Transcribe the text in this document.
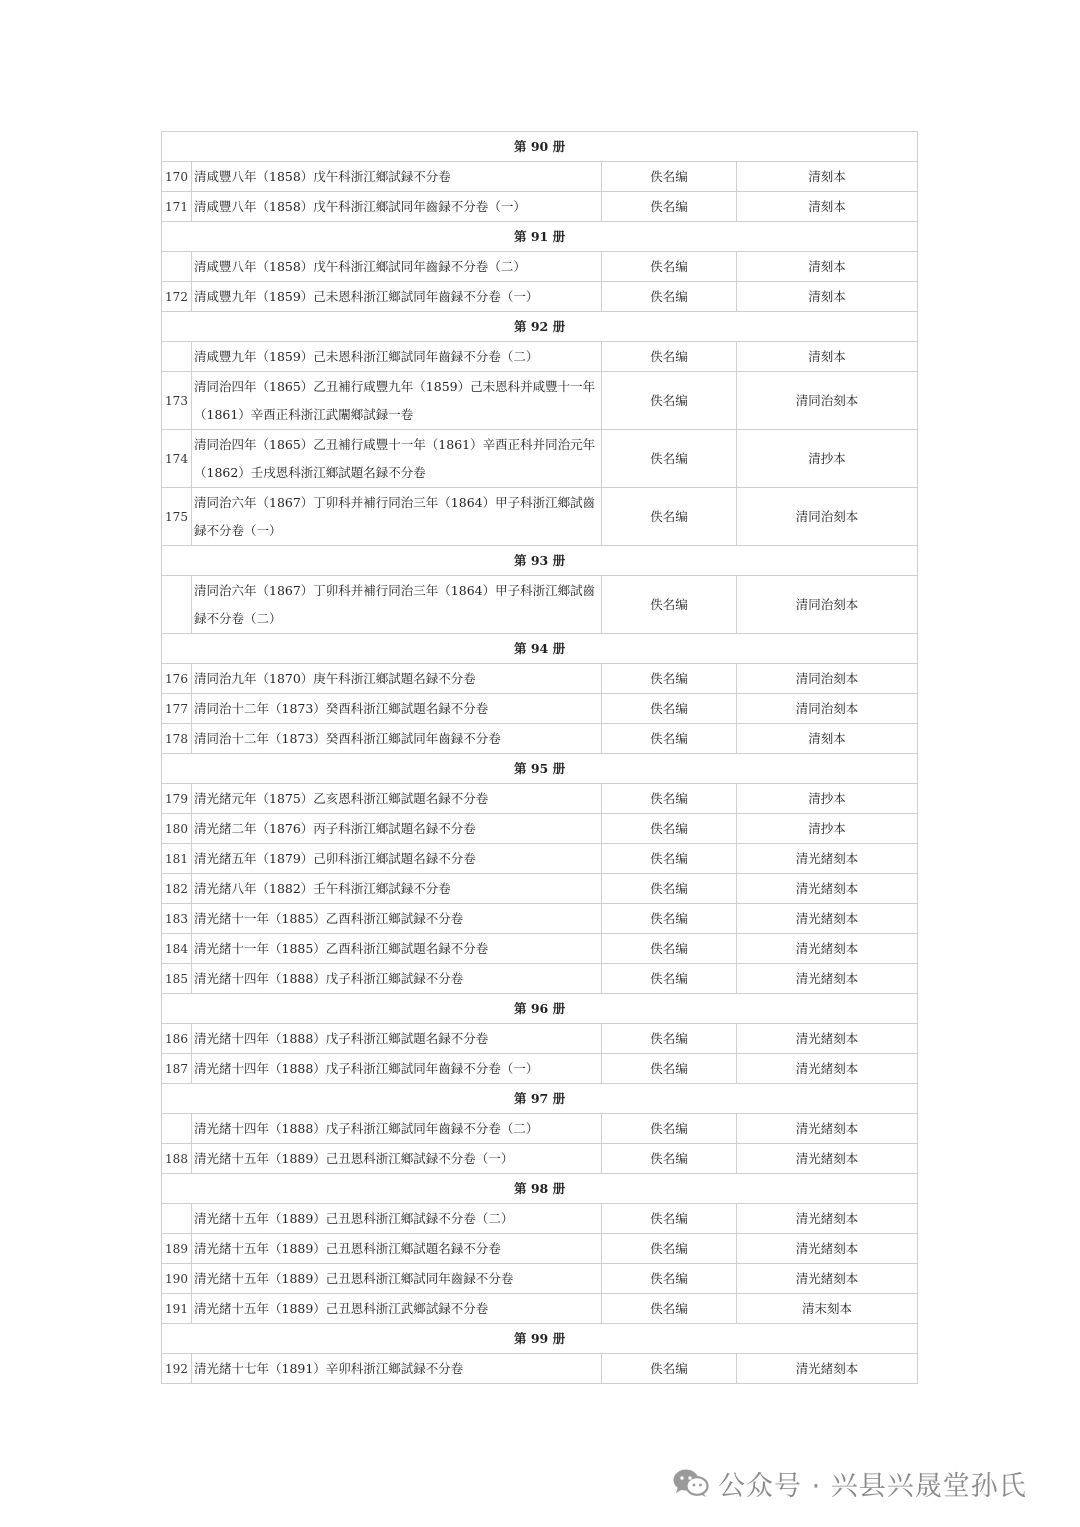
第 90 册			
170	清咸豐八年（1858）戊午科浙江鄉試録不分卷	佚名编	清刻本
171	清咸豐八年（1858）戊午科浙江鄉試同年齒録不分卷（一）	佚名编	清刻本
第 91 册			
	清咸豐八年（1858）戊午科浙江鄉試同年齒録不分卷（二）	佚名编	清刻本
172	清咸豐九年（1859）己未恩科浙江鄉試同年齒録不分卷（一）	佚名编	清刻本
第 92 册			
	清咸豐九年（1859）己未恩科浙江鄉試同年齒録不分卷（二）	佚名编	清刻本
173	清同治四年（1865）乙丑補行咸豐九年（1859）己未恩科并咸豐十一年（1861）辛酉正科浙江武闈鄉試録一卷	佚名编	清同治刻本
174	清同治四年（1865）乙丑補行咸豐十一年（1861）辛酉正科并同治元年（1862）壬戌恩科浙江鄉試題名録不分卷	佚名编	清抄本
175	清同治六年（1867）丁卯科并補行同治三年（1864）甲子科浙江鄉試齒録不分卷（一）	佚名编	清同治刻本
第 93 册			
	清同治六年（1867）丁卯科并補行同治三年（1864）甲子科浙江鄉試齒録不分卷（二）	佚名编	清同治刻本
第 94 册			
176	清同治九年（1870）庚午科浙江鄉試題名録不分卷	佚名编	清同治刻本
177	清同治十二年（1873）癸酉科浙江鄉試題名録不分卷	佚名编	清同治刻本
178	清同治十二年（1873）癸酉科浙江鄉試同年齒録不分卷	佚名编	清刻本
第 95 册			
179	清光緒元年（1875）乙亥恩科浙江鄉試題名録不分卷	佚名编	清抄本
180	清光緒二年（1876）丙子科浙江鄉試題名録不分卷	佚名编	清抄本
181	清光緒五年（1879）己卯科浙江鄉試題名録不分卷	佚名编	清光緒刻本
182	清光緒八年（1882）壬午科浙江鄉試録不分卷	佚名编	清光緒刻本
183	清光緒十一年（1885）乙酉科浙江鄉試録不分卷	佚名编	清光緒刻本
184	清光緒十一年（1885）乙酉科浙江鄉試題名録不分卷	佚名编	清光緒刻本
185	清光緒十四年（1888）戊子科浙江鄉試録不分卷	佚名编	清光緒刻本
第 96 册			
186	清光緒十四年（1888）戊子科浙江鄉試題名録不分卷	佚名编	清光緒刻本
187	清光緒十四年（1888）戊子科浙江鄉試同年齒録不分卷（一）	佚名编	清光緒刻本
第 97 册			
	清光緒十四年（1888）戊子科浙江鄉試同年齒録不分卷（二）	佚名编	清光緒刻本
188	清光緒十五年（1889）己丑恩科浙江鄉試録不分卷（一）	佚名编	清光緒刻本
第 98 册			
	清光緒十五年（1889）己丑恩科浙江鄉試録不分卷（二）	佚名编	清光緒刻本
189	清光緒十五年（1889）己丑恩科浙江鄉試題名録不分卷	佚名编	清光緒刻本
190	清光緒十五年（1889）己丑恩科浙江鄉試同年齒録不分卷	佚名编	清光緒刻本
191	清光緒十五年（1889）己丑恩科浙江武鄉試録不分卷	佚名编	清末刻本
第 99 册			
192	清光緒十七年（1891）辛卯科浙江鄉試録不分卷	佚名编	清光緒刻本
公众号 · 兴县兴晟堂孙氏
